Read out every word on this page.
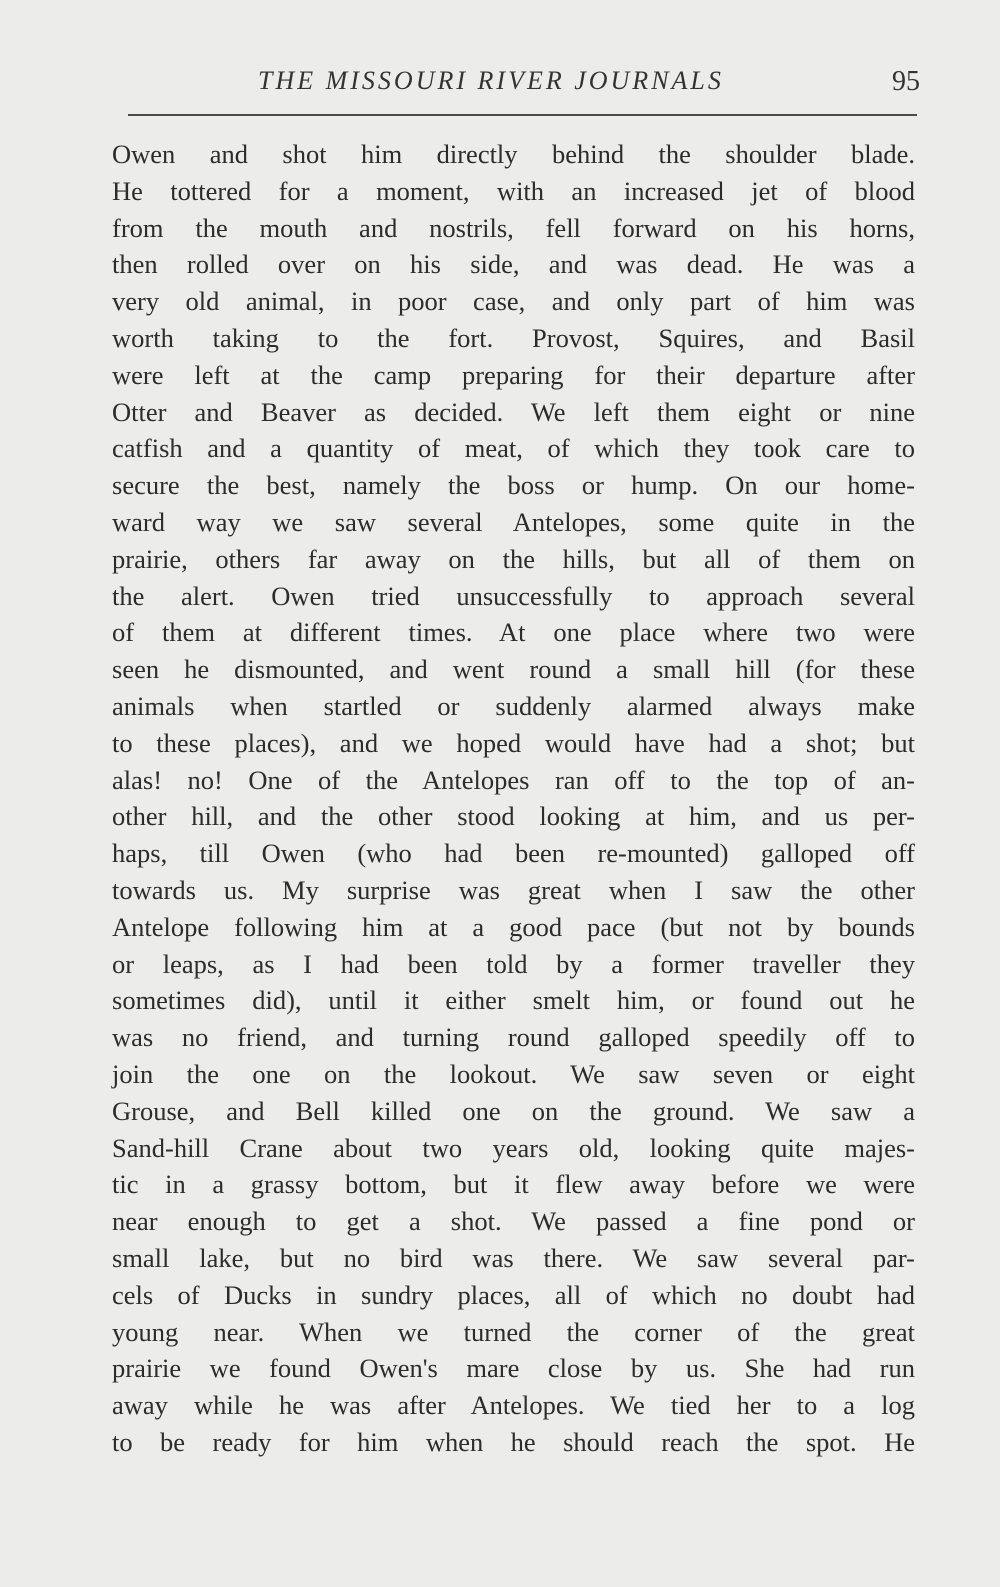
THE MISSOURI RIVER JOURNALS	95
Owen and shot him directly behind the shoulder blade.
He tottered for a moment, with an increased jet of blood
from the mouth and nostrils, fell forward on his horns,
then rolled over on his side, and was dead. He was a
very old animal, in poor case, and only part of him was
worth taking to the fort. Provost, Squires, and Basil
were left at the camp preparing for their departure after
Otter and Beaver as decided. We left them eight or nine
catfish and a quantity of meat, of which they took care to
secure the best, namely the boss or hump. On our home-
ward way we saw several Antelopes, some quite in the
prairie, others far away on the hills, but all of them on
the alert. Owen tried unsuccessfully to approach several
of them at different times. At one place where two were
seen he dismounted, and went round a small hill (for these
animals when startled or suddenly alarmed always make
to these places), and we hoped would have had a shot; but
alas! no! One of the Antelopes ran off to the top of an-
other hill, and the other stood looking at him, and us per-
haps, till Owen (who had been re-mounted) galloped off
towards us. My surprise was great when I saw the other
Antelope following him at a good pace (but not by bounds
or leaps, as I had been told by a former traveller they
sometimes did), until it either smelt him, or found out he
was no friend, and turning round galloped speedily off to
join the one on the lookout. We saw seven or eight
Grouse, and Bell killed one on the ground. We saw a
Sand-hill Crane about two years old, looking quite majes-
tic in a grassy bottom, but it flew away before we were
near enough to get a shot. We passed a fine pond or
small lake, but no bird was there. We saw several par-
cels of Ducks in sundry places, all of which no doubt had
young near. When we turned the corner of the great
prairie we found Owen's mare close by us. She had run
away while he was after Antelopes. We tied her to a log
to be ready for him when he should reach the spot. He
